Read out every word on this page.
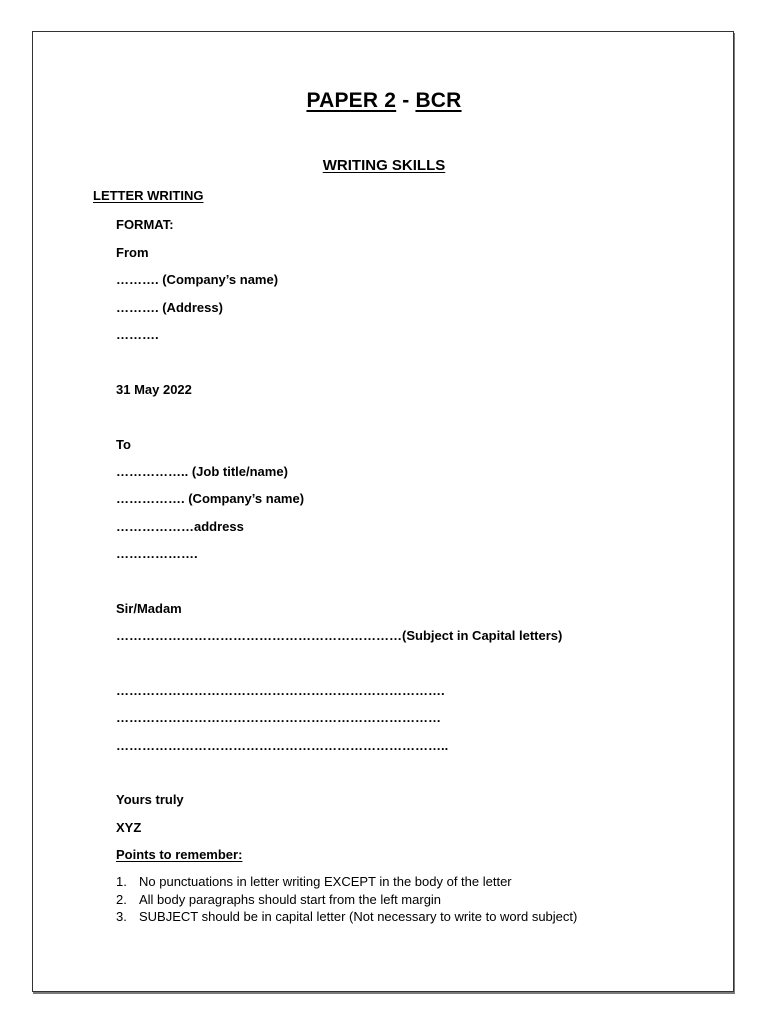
PAPER 2 - BCR
WRITING SKILLS
LETTER WRITING
FORMAT:
From
………. (Company’s name)
………. (Address)
……….
31 May 2022
To
…………….. (Job title/name)
……………. (Company’s name)
………………address
……………….
Sir/Madam
…………………………………………………………(Subject in Capital letters)
………………………………………………………………….
…………………………………………………………………
…………………………………………………………………..
Yours truly
XYZ
Points to remember:
1. No punctuations in letter writing EXCEPT in the body of the letter
2. All body paragraphs should start from the left margin
3. SUBJECT should be in capital letter (Not necessary to write to word subject)
